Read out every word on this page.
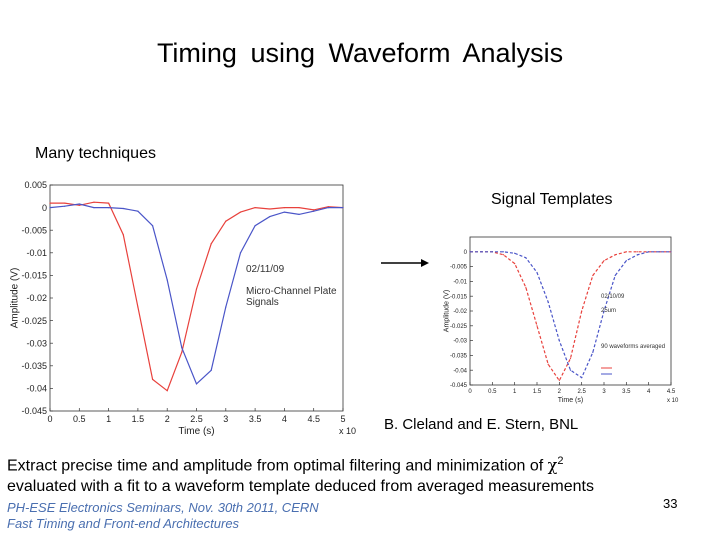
Timing using Waveform Analysis
Many techniques
0.005
0
-0.005
-0.01
-0.015
-0.02
-0.025
-0.03
-0.035
-0.04
-0.045
0 0.5 1 1.5 2 2.5 3 3.5 4 4.5 5
Time (s)	x 10
Amplitude (V)	02/11/09
Micro-Channel Plate
Signals
0
-0.005
-0.01
-0.015
-0.02
-0.025
-0.03
-0.035
-0.04
-0.045
0	0.5	1	1.5	2	2.5	3	3.5	4	4.5
Time (s)	x 10
Amplitude (V)	02/10/09
25um
90 waveforms averaged
Signal Templates
B. Cleland and E. Stern, BNL
Extract precise time and amplitude from optimal filtering and minimization of $\chi^2$
evaluated with a fit to a waveform template deduced from averaged measurements
PH-ESE Electronics Seminars, Nov. 30th 2011, CERN
Fast Timing and Front-end Architectures
33
